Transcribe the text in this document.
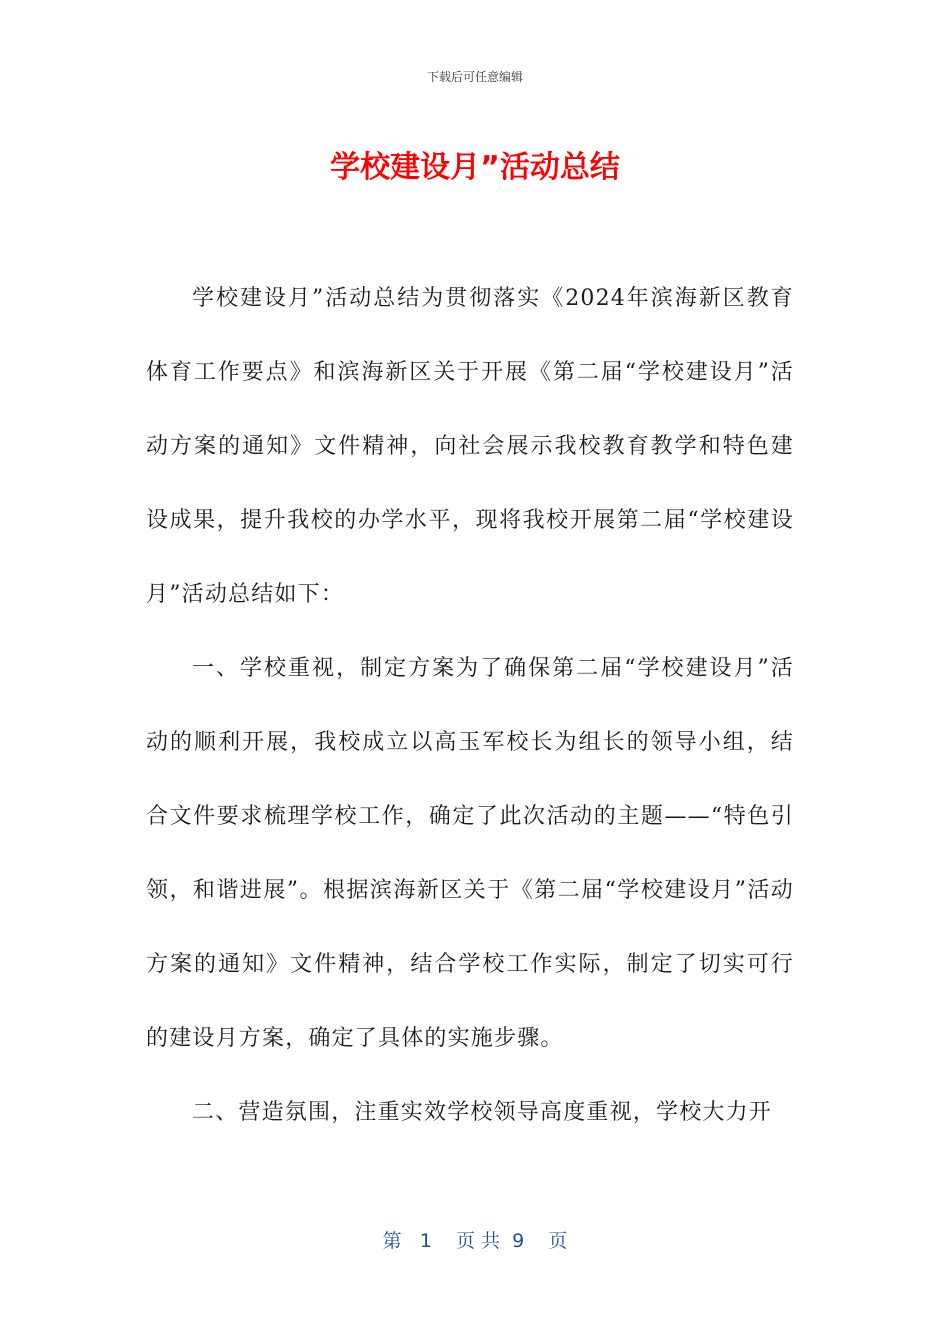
下载后可任意编辑
学校建设月”活动总结

学校建设月”活动总结为贯彻落实《2024年滨海新区教育体育工作要点》和滨海新区关于开展《第二届“学校建设月”活动方案的通知》文件精神，向社会展示我校教育教学和特色建设成果，提升我校的办学水平，现将我校开展第二届“学校建设月”活动总结如下：

一、学校重视，制定方案为了确保第二届“学校建设月”活动的顺利开展，我校成立以高玉军校长为组长的领导小组，结合文件要求梳理学校工作，确定了此次活动的主题——“特色引领，和谐进展”。根据滨海新区关于《第二届“学校建设月”活动方案的通知》文件精神，结合学校工作实际，制定了切实可行的建设月方案，确定了具体的实施步骤。

二、营造氛围，注重实效学校领导高度重视，学校大力开

第   1    页 共  9    页
